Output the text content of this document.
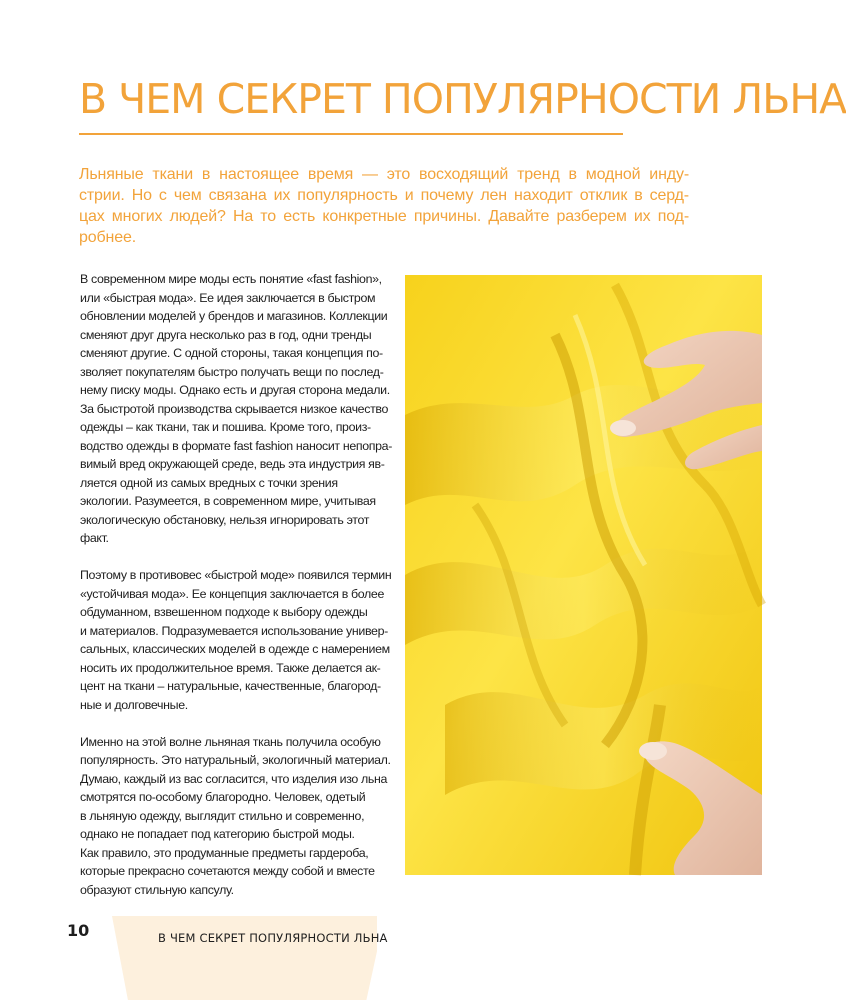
В ЧЕМ СЕКРЕТ ПОПУЛЯРНОСТИ ЛЬНА
Льняные ткани в настоящее время — это восходящий тренд в модной инду-
стрии. Но с чем связана их популярность и почему лен находит отклик в серд-
цах многих людей? На то есть конкретные причины. Давайте разберем их под-
робнее.
В современном мире моды есть понятие «fast fashion»,
или «быстрая мода». Ее идея заключается в быстром
обновлении моделей у брендов и магазинов. Коллекции
сменяют друг друга несколько раз в год, одни тренды
сменяют другие. С одной стороны, такая концепция по-
зволяет покупателям быстро получать вещи по послед-
нему писку моды. Однако есть и другая сторона медали.
За быстротой производства скрывается низкое качество
одежды – как ткани, так и пошива. Кроме того, произ-
водство одежды в формате fast fashion наносит непопра-
вимый вред окружающей среде, ведь эта индустрия яв-
ляется одной из самых вредных с точки зрения
экологии. Разумеется, в современном мире, учитывая
экологическую обстановку, нельзя игнорировать этот
факт.
Поэтому в противовес «быстрой моде» появился термин
«устойчивая мода». Ее концепция заключается в более
обдуманном, взвешенном подходе к выбору одежды
и материалов. Подразумевается использование универ-
сальных, классических моделей в одежде с намерением
носить их продолжительное время. Также делается ак-
цент на ткани – натуральные, качественные, благород-
ные и долговечные.
Именно на этой волне льняная ткань получила особую
популярность. Это натуральный, экологичный материал.
Думаю, каждый из вас согласится, что изделия изо льна
смотрятся по-особому благородно. Человек, одетый
в льняную одежду, выглядит стильно и современно,
однако не попадает под категорию быстрой моды.
Как правило, это продуманные предметы гардероба,
которые прекрасно сочетаются между собой и вместе
образуют стильную капсулу.
10	В ЧЕМ СЕКРЕТ ПОПУЛЯРНОСТИ ЛЬНА
